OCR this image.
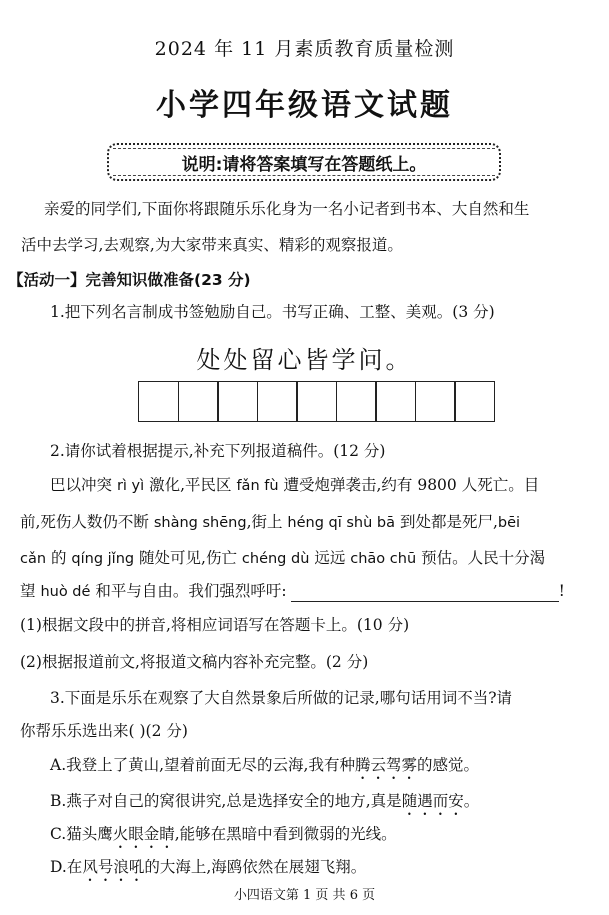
2024 年 11 月素质教育质量检测
小学四年级语文试题
说明:请将答案填写在答题纸上。
亲爱的同学们,下面你将跟随乐乐化身为一名小记者到书本、大自然和生
活中去学习,去观察,为大家带来真实、精彩的观察报道。
【活动一】完善知识做准备(23 分)
1.把下列名言制成书签勉励自己。书写正确、工整、美观。(3 分)
处处留心皆学问。
2.请你试着根据提示,补充下列报道稿件。(12 分)
巴以冲突 rì yì 激化,平民区 fǎn fù 遭受炮弹袭击,约有 9800 人死亡。目
前,死伤人数仍不断 shàng shēng,街上 héng qī shù bā 到处都是死尸,bēi
cǎn 的 qíng jǐng 随处可见,伤亡 chéng dù 远远 chāo chū 预估。人民十分渴
望 huò dé 和平与自由。我们强烈呼吁:	!
(1)根据文段中的拼音,将相应词语写在答题卡上。(10 分)
(2)根据报道前文,将报道文稿内容补充完整。(2 分)
3.下面是乐乐在观察了大自然景象后所做的记录,哪句话用词不当?请
你帮乐乐选出来( )(2 分)
A.我登上了黄山,望着前面无尽的云海,我有种腾云驾雾的感觉。
B.燕子对自己的窝很讲究,总是选择安全的地方,真是随遇而安。
C.猫头鹰火眼金睛,能够在黑暗中看到微弱的光线。
D.在风号浪吼的大海上,海鸥依然在展翅飞翔。
小四语文第 1 页 共 6 页
